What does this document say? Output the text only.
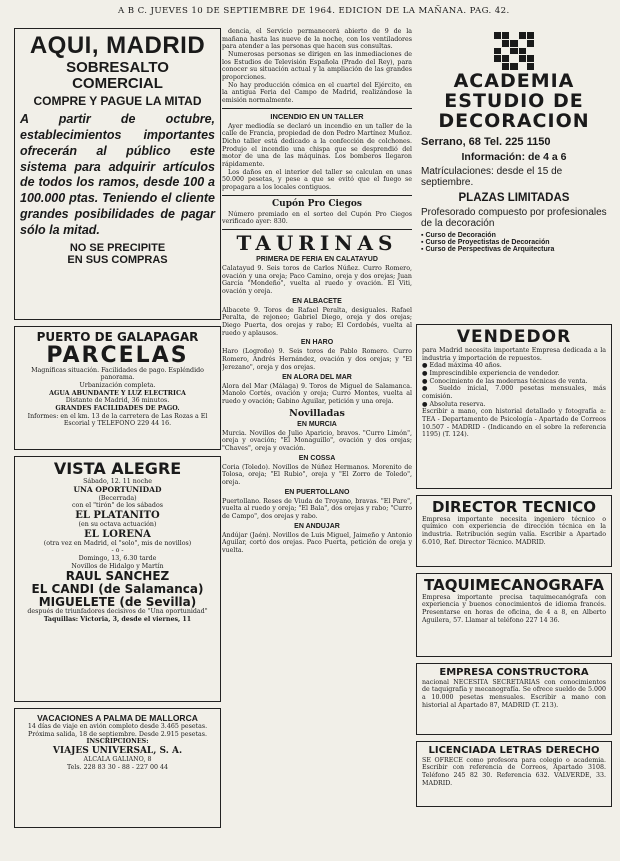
A B C. JUEVES 10 DE SEPTIEMBRE DE 1964. EDICION DE LA MAÑANA. PAG. 42.
AQUI, MADRID
SOBRESALTO COMERCIAL
COMPRE Y PAGUE LA MITAD

A partir de octubre, establecimientos importantes ofrecerán al público este sistema para adquirir artículos de todos los ramos, desde 100 a 100.000 ptas. Teniendo el cliente grandes posibilidades de pagar sólo la mitad.

NO SE PRECIPITE
EN SUS COMPRAS
PUERTO DE GALAPAGAR
PARCELAS

Magníficas situación. Facilidades de pago. Espléndido panorama.

Urbanización completa.

AGUA ABUNDANTE Y LUZ ELECTRICA

Distante de Madrid, 36 minutos.

GRANDES FACILIDADES DE PAGO.

Informes: en el km. 13 de la carretera de Las Rozas a El Escorial y TELEFONO 229 44 16.

VISTA ALEGRE

Sábado, 12. 11 noche

UNA OPORTUNIDAD

(Becerrada)

con el "tirón" de los sábados

EL PLATANITO

(en su octava actuación)

EL LORENA

(otra vez en Madrid, el "solo", mis de novillos)

- o -

Domingo, 13, 6.30 tarde

Novillos de Hidalgo y Martín

RAUL SANCHEZ

EL CANDI (de Salamanca)

MIGUELETE (de Sevilla)

después de triunfadores decisivos de "Una oportunidad"

Taquillas: Victoria, 3, desde el viernes, 11

VACACIONES A PALMA DE MALLORCA

14 días de viaje en avión completo desde 3.465 pesetas. Próxima salida, 18 de septiembre. Desde 2.915 pesetas.

INSCRIPCIONES:

VIAJES UNIVERSAL, S. A.

ALCALA GALIANO, 8

Tels. 228 83 30 - 88 - 227 00 44

dencia, el Servicio permanecerá abierto de 9 de la mañana hasta las nueve de la noche, con los ventiladores para atender a las personas que hacen sus consultas.

Numerosas personas se dirigen en las inmediaciones de los Estudios de Televisión Española (Prado del Rey), para conocer su situación actual y la ampliación de las grandes proporciones.

No hay producción cómica en el cuartel del Ejército, en la antigua Feria del Campo de Madrid, realizándose la emisión normalmente.

INCENDIO EN UN TALLER

Ayer mediodía se declaró un incendio en un taller de la calle de Francia, propiedad de don Pedro Martínez Muñoz. Dicho taller está dedicado a la confección de colchones. Produjo el incendio una chispa que se desprendió del motor de una de las máquinas. Los bomberos llegaron rápidamente.

Los daños en el interior del taller se calculan en unas 50.000 pesetas, y pese a que se evitó que el fuego se propagara a los locales contiguos.

Cupón Pro Ciegos

Número premiado en el sorteo del Cupón Pro Ciegos verificado ayer: 830.

TAURINAS
PRIMERA DE FERIA EN CALATAYUD

Calatayud 9. Seis toros de Carlos Núñez. Curro Romero, ovación y una oreja; Paco Camino, oreja y dos orejas; Juan García "Mondeño", vuelta al ruedo y ovación. El Viti, ovación y oreja.

EN ALBACETE

Albacete 9. Toros de Rafael Peralta, desiguales. Rafael Peralta, de rejoneo; Gabriel Diego, oreja y dos orejas; Diego Puerta, dos orejas y rabo; El Cordobés, vuelta al ruedo y aplausos.

EN HARO

Haro (Logroño) 9. Seis toros de Pablo Romero. Curro Romero, Andrés Hernández, ovación y dos orejas; y "El Jerezano", oreja y dos orejas.

EN ALORA DEL MAR

Alora del Mar (Málaga) 9. Toros de Miguel de Salamanca. Manolo Cortés, ovación y oreja; Curro Montes, vuelta al ruedo y ovación; Gabino Aguilar, petición y una oreja.

Novilladas
EN MURCIA

Murcia. Novillos de Julio Aparicio, bravos. "Curro Limón", oreja y ovación; "El Monaguillo", ovación y dos orejas; "Chaves", oreja y ovación.

EN COSSA

Coria (Toledo). Novillos de Núñez Hermanos. Morenito de Tolosa, oreja; "El Rubio", oreja y "El Zorro de Toledo", oreja.

EN PUERTOLLANO

Puertollano. Reses de Viuda de Troyano, bravas. "El Pare", vuelta al ruedo y oreja; "El Bala", dos orejas y rabo; "Curro de Campo", dos orejas y rabo.

EN ANDUJAR

Andújar (Jaén). Novillos de Luis Miguel, Jaimeño y Antonio Aguilar, cortó dos orejas. Paco Puerta, petición de oreja y vuelta.

ACADEMIA
ESTUDIO DE
DECORACION

Serrano, 68 Tel. 225 1150

Información: de 4 a 6

Matrículaciones: desde el 15 de septiembre.

PLAZAS LIMITADAS

Profesorado compuesto por profesionales de la decoración

▪ Curso de Decoración

▪ Curso de Proyectistas de Decoración

▪ Curso de Perspectivas de Arquitectura

VENDEDOR

para Madrid necesita importante Empresa dedicada a la industria y importación de repuestos.

● Edad máxima 40 años.

● Imprescindible experiencia de vendedor.

● Conocimiento de las modernas técnicas de venta.

● Sueldo inicial, 7.000 pesetas mensuales, más comisión.

● Absoluta reserva.

Escribir a mano, con historial detallado y fotografía a: TEA - Departamento de Psicología - Apartado de Correos 10.507 - MADRID - (Indicando en el sobre la referencia 1195) (T. 124).

DIRECTOR TECNICO

Empresa importante necesita ingeniero técnico o químico con experiencia de dirección técnica en la industria. Retribución según valía. Escribir a Apartado 6.010, Ref. Director Técnico. MADRID.

TAQUIMECANOGRAFA

Empresa importante precisa taquimecanógrafa con experiencia y buenos conocimientos de idioma francés. Presentarse en horas de oficina, de 4 a 8, en Alberto Aguilera, 57. Llamar al teléfono 227 14 36.

EMPRESA CONSTRUCTORA

nacional NECESITA SECRETARIAS con conocimientos de taquigrafía y mecanografía. Se ofrece sueldo de 5.000 a 10.000 pesetas mensuales. Escribir a mano con historial al Apartado 87, MADRID (T. 213).

LICENCIADA LETRAS DERECHO

SE OFRECE como profesora para colegio o academia. Escribir con referencia de Correos, Apartado 3108. Teléfono 245 82 30. Referencia 632. VALVERDE, 33. MADRID.
